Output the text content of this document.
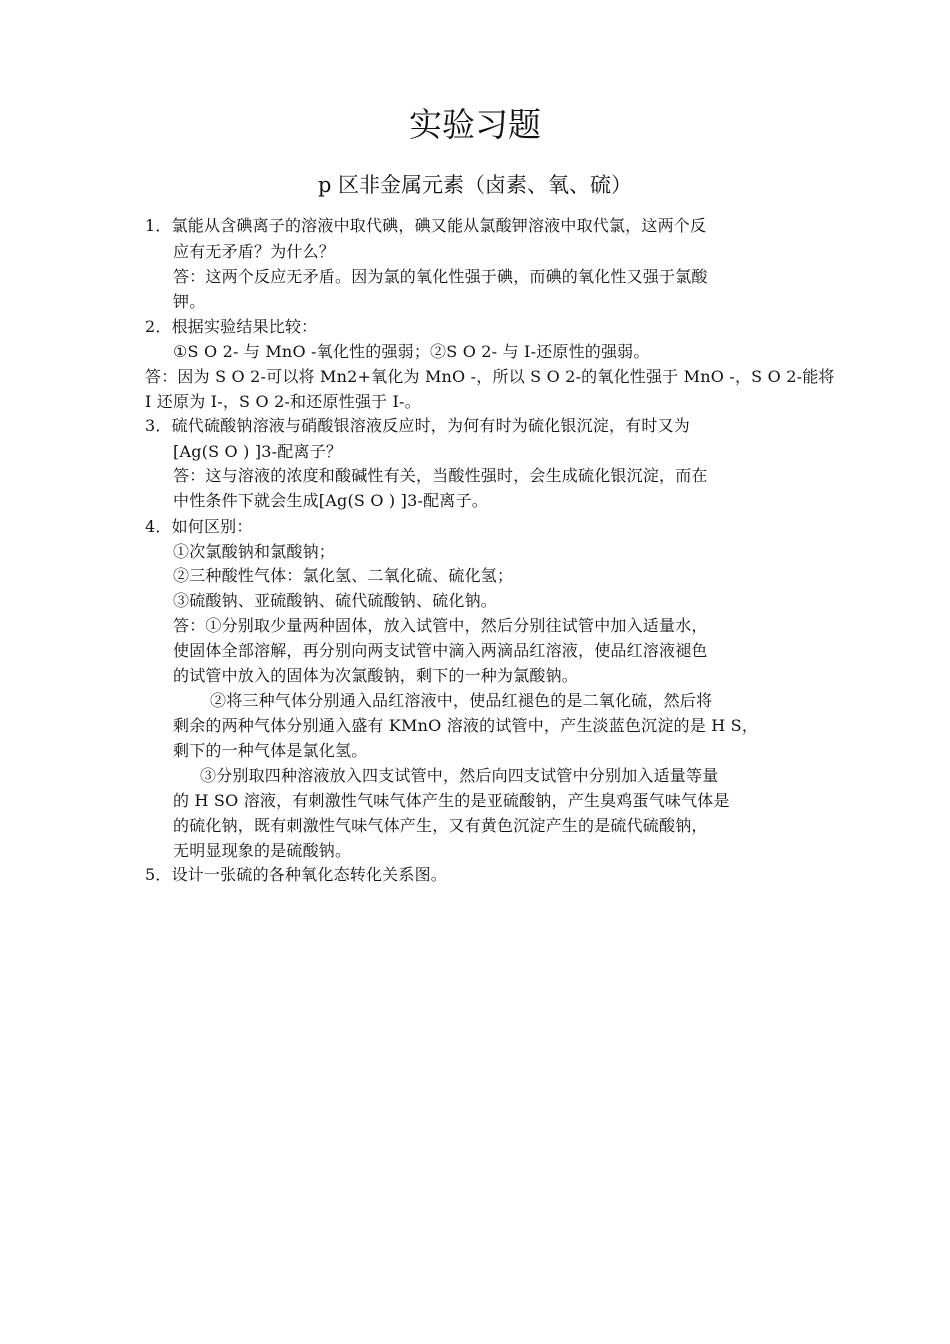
实验习题
p 区非金属元素（卤素、氧、硫）
1．氯能从含碘离子的溶液中取代碘，碘又能从氯酸钾溶液中取代氯，这两个反
应有无矛盾？为什么？
答：这两个反应无矛盾。因为氯的氧化性强于碘，而碘的氧化性又强于氯酸
钾。
2．根据实验结果比较：
①S O 2- 与 MnO -氧化性的强弱；②S O 2- 与 I-还原性的强弱。
答：因为 S O 2-可以将 Mn2+氧化为 MnO -，所以 S O 2-的氧化性强于 MnO -，S O 2-能将
I 还原为 I-，S O 2-和还原性强于 I-。
3．硫代硫酸钠溶液与硝酸银溶液反应时，为何有时为硫化银沉淀，有时又为
[Ag(S O ) ]3-配离子？
答：这与溶液的浓度和酸碱性有关，当酸性强时，会生成硫化银沉淀，而在
中性条件下就会生成[Ag(S O ) ]3-配离子。
4．如何区别：
①次氯酸钠和氯酸钠；
②三种酸性气体：氯化氢、二氧化硫、硫化氢；
③硫酸钠、亚硫酸钠、硫代硫酸钠、硫化钠。
答：①分别取少量两种固体，放入试管中，然后分别往试管中加入适量水，
使固体全部溶解，再分别向两支试管中滴入两滴品红溶液，使品红溶液褪色
的试管中放入的固体为次氯酸钠，剩下的一种为氯酸钠。
②将三种气体分别通入品红溶液中，使品红褪色的是二氧化硫，然后将
剩余的两种气体分别通入盛有 KMnO 溶液的试管中，产生淡蓝色沉淀的是 H S，
剩下的一种气体是氯化氢。
③分别取四种溶液放入四支试管中，然后向四支试管中分别加入适量等量
的 H SO 溶液，有刺激性气味气体产生的是亚硫酸钠，产生臭鸡蛋气味气体是
的硫化钠，既有刺激性气味气体产生，又有黄色沉淀产生的是硫代硫酸钠，
无明显现象的是硫酸钠。
5．设计一张硫的各种氧化态转化关系图。
